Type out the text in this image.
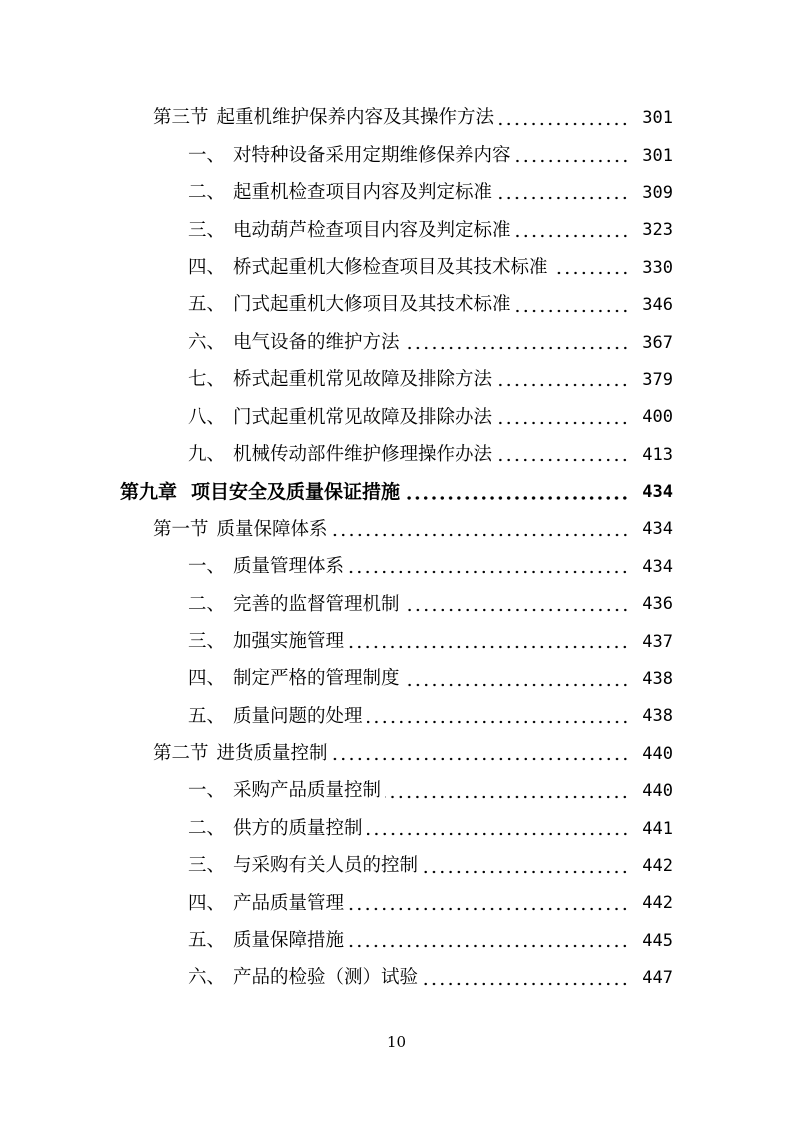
第三节 起重机维护保养内容及其操作方法	301
一、 对特种设备采用定期维修保养内容	301
二、 起重机检查项目内容及判定标准	309
三、 电动葫芦检查项目内容及判定标准	323
四、 桥式起重机大修检查项目及其技术标准	330
五、 门式起重机大修项目及其技术标准	346
六、 电气设备的维护方法	367
七、 桥式起重机常见故障及排除方法	379
八、 门式起重机常见故障及排除办法	400
九、 机械传动部件维护修理操作办法	413
第九章 项目安全及质量保证措施	434
第一节 质量保障体系	434
一、 质量管理体系	434
二、 完善的监督管理机制	436
三、 加强实施管理	437
四、 制定严格的管理制度	438
五、 质量问题的处理	438
第二节 进货质量控制	440
一、 采购产品质量控制	440
二、 供方的质量控制	441
三、 与采购有关人员的控制	442
四、 产品质量管理	442
五、 质量保障措施	445
六、 产品的检验（测）试验	447
10
